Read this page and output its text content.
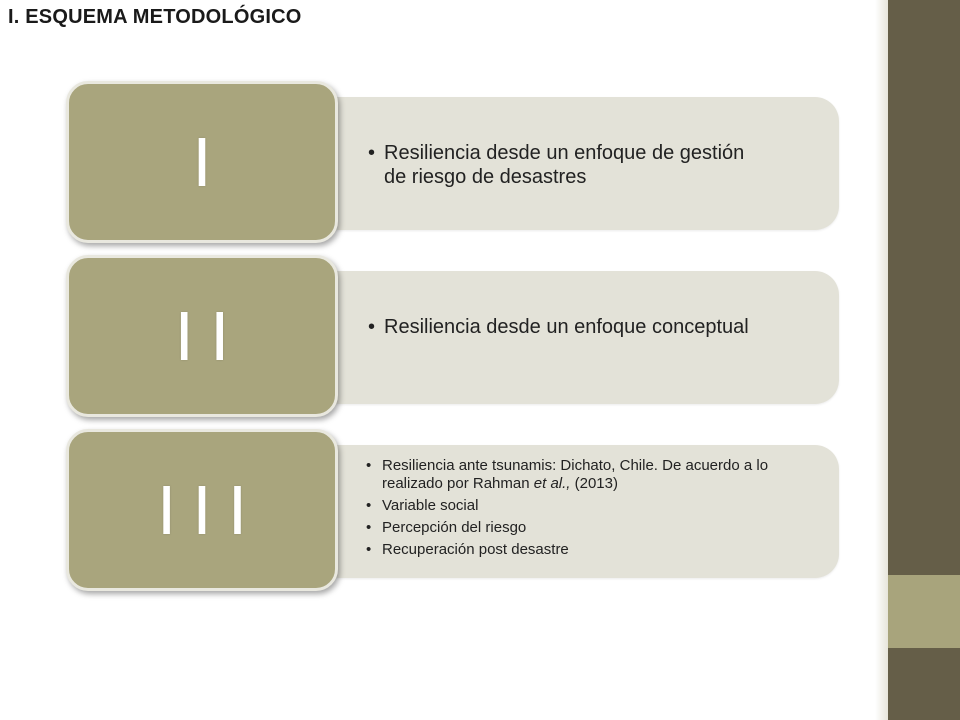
I. ESQUEMA METODOLÓGICO
I	• Resiliencia desde un enfoque de gestión de riesgo de desastres
II	• Resiliencia desde un enfoque conceptual
III
• Resiliencia ante tsunamis: Dichato, Chile. De acuerdo a lo realizado por Rahman et al., (2013)
• Variable social
• Percepción del riesgo
• Recuperación post desastre
